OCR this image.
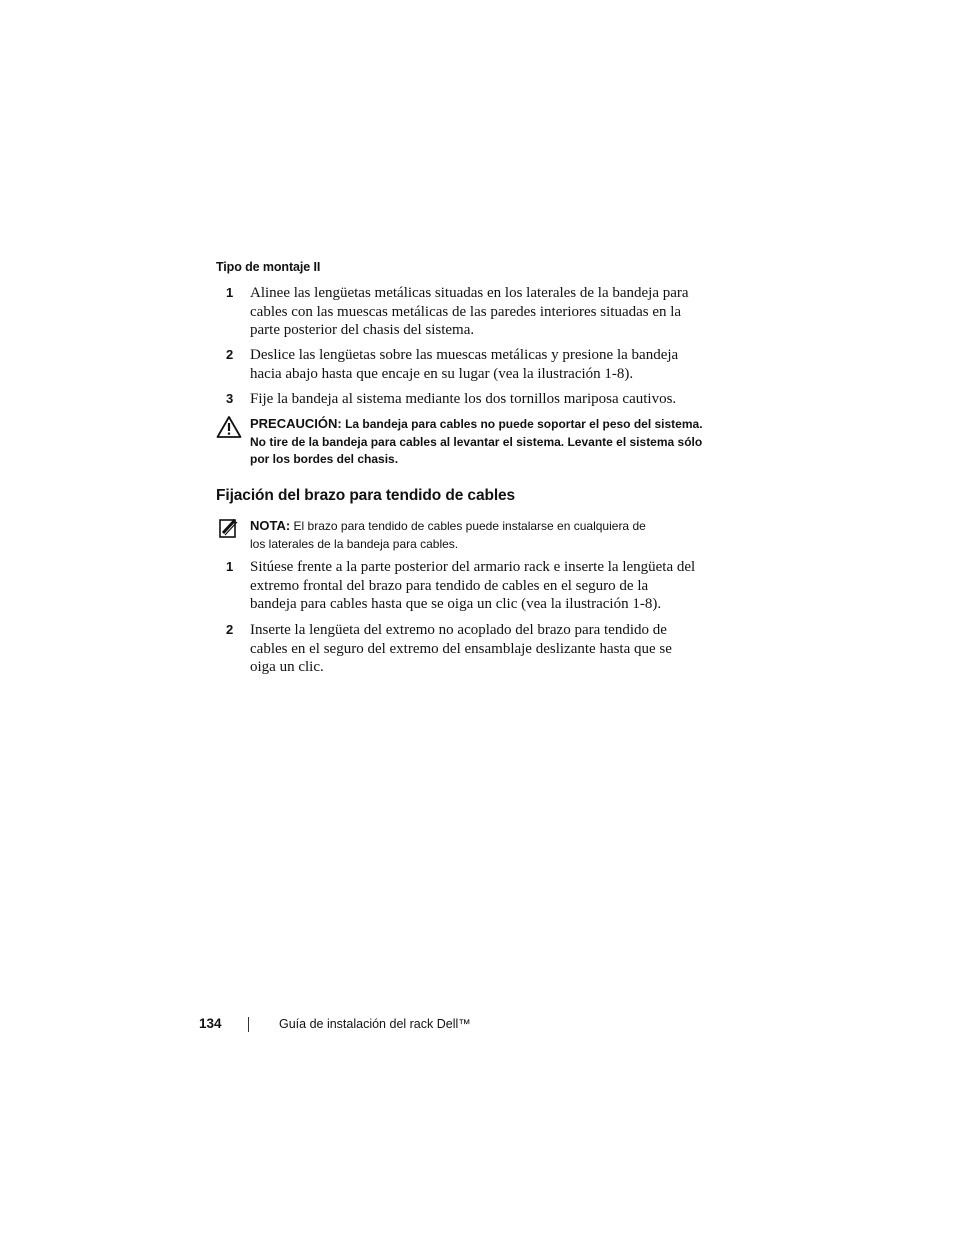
Tipo de montaje II
1 Alinee las lengüetas metálicas situadas en los laterales de la bandeja para cables con las muescas metálicas de las paredes interiores situadas en la parte posterior del chasis del sistema.
2 Deslice las lengüetas sobre las muescas metálicas y presione la bandeja hacia abajo hasta que encaje en su lugar (vea la ilustración 1-8).
3 Fije la bandeja al sistema mediante los dos tornillos mariposa cautivos.
PRECAUCIÓN: La bandeja para cables no puede soportar el peso del sistema. No tire de la bandeja para cables al levantar el sistema. Levante el sistema sólo por los bordes del chasis.
Fijación del brazo para tendido de cables
NOTA: El brazo para tendido de cables puede instalarse en cualquiera de los laterales de la bandeja para cables.
1 Sitúese frente a la parte posterior del armario rack e inserte la lengüeta del extremo frontal del brazo para tendido de cables en el seguro de la bandeja para cables hasta que se oiga un clic (vea la ilustración 1-8).
2 Inserte la lengüeta del extremo no acoplado del brazo para tendido de cables en el seguro del extremo del ensamblaje deslizante hasta que se oiga un clic.
134	Guía de instalación del rack Dell™
